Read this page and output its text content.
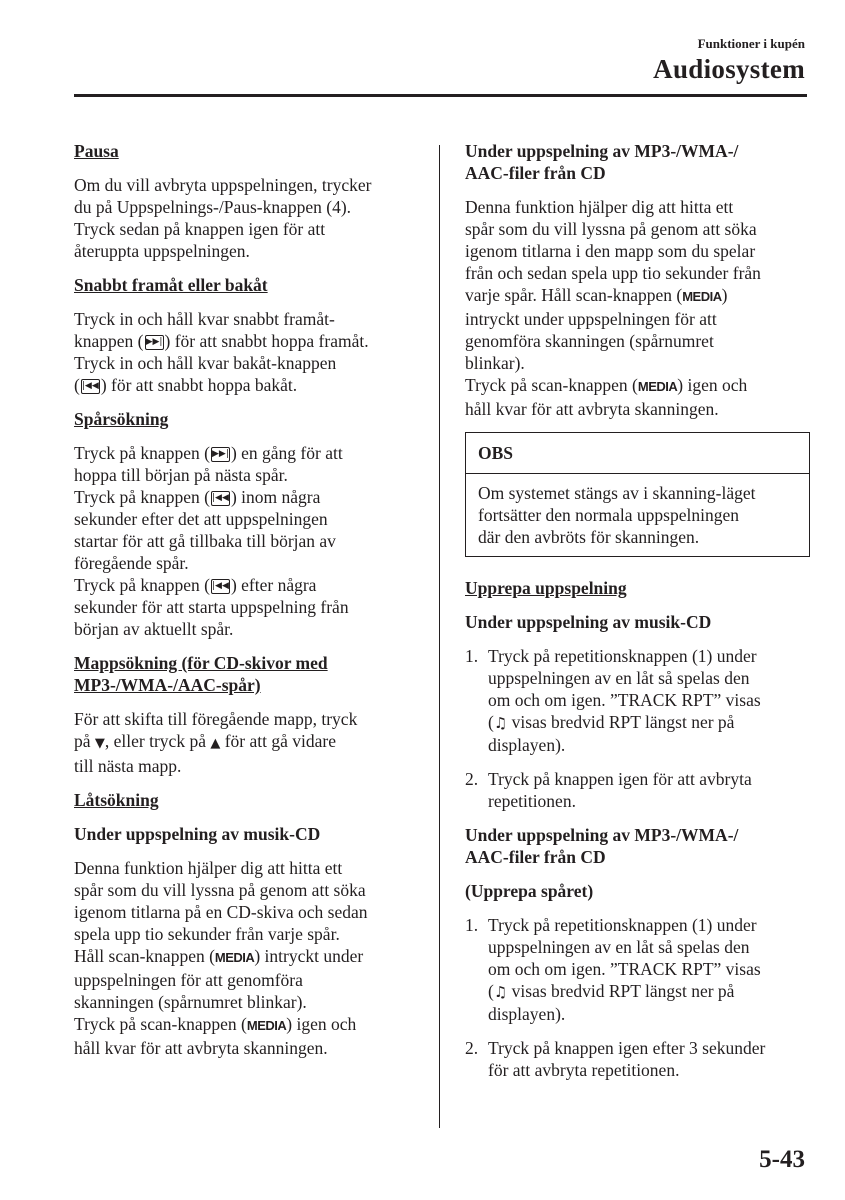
Funktioner i kupén
Audiosystem
Pausa

Om du vill avbryta uppspelningen, trycker
du på Uppspelnings-/Paus-knappen (4).
Tryck sedan på knappen igen för att
återuppta uppspelningen.

Snabbt framåt eller bakåt

Tryck in och håll kvar snabbt framåt-
knappen ( ▶▶| ) för att snabbt hoppa framåt.
Tryck in och håll kvar bakåt-knappen
( |◀◀ ) för att snabbt hoppa bakåt.

Spårsökning

Tryck på knappen ( ▶▶| ) en gång för att
hoppa till början på nästa spår.
Tryck på knappen ( |◀◀ ) inom några
sekunder efter det att uppspelningen
startar för att gå tillbaka till början av
föregående spår.
Tryck på knappen ( |◀◀ ) efter några
sekunder för att starta uppspelning från
början av aktuellt spår.

Mappsökning (för CD-skivor med
MP3-/WMA-/AAC-spår)

För att skifta till föregående mapp, tryck
på ▼, eller tryck på ▲ för att gå vidare
till nästa mapp.

Låtsökning
Under uppspelning av musik-CD

Denna funktion hjälper dig att hitta ett
spår som du vill lyssna på genom att söka
igenom titlarna på en CD-skiva och sedan
spela upp tio sekunder från varje spår.
Håll scan-knappen (MEDIA) intryckt under
uppspelningen för att genomföra
skanningen (spårnumret blinkar).
Tryck på scan-knappen (MEDIA) igen och
håll kvar för att avbryta skanningen.

Under uppspelning av MP3-/WMA-/
AAC-filer från CD

Denna funktion hjälper dig att hitta ett
spår som du vill lyssna på genom att söka
igenom titlarna i den mapp som du spelar
från och sedan spela upp tio sekunder från
varje spår. Håll scan-knappen (MEDIA)
intryckt under uppspelningen för att
genomföra skanningen (spårnumret
blinkar).
Tryck på scan-knappen (MEDIA) igen och
håll kvar för att avbryta skanningen.

OBS
Om systemet stängs av i skanning-läget
fortsätter den normala uppspelningen
där den avbröts för skanningen.
Upprepa uppspelning
Under uppspelning av musik-CD
1. Tryck på repetitionsknappen (1) under
uppspelningen av en låt så spelas den
om och om igen. ”TRACK RPT” visas
(♫ visas bredvid RPT längst ner på
displayen).
2. Tryck på knappen igen för att avbryta
repetitionen.
Under uppspelning av MP3-/WMA-/
AAC-filer från CD
(Upprepa spåret)
1. Tryck på repetitionsknappen (1) under
uppspelningen av en låt så spelas den
om och om igen. ”TRACK RPT” visas
(♫ visas bredvid RPT längst ner på
displayen).
2. Tryck på knappen igen efter 3 sekunder
för att avbryta repetitionen.
5-43
